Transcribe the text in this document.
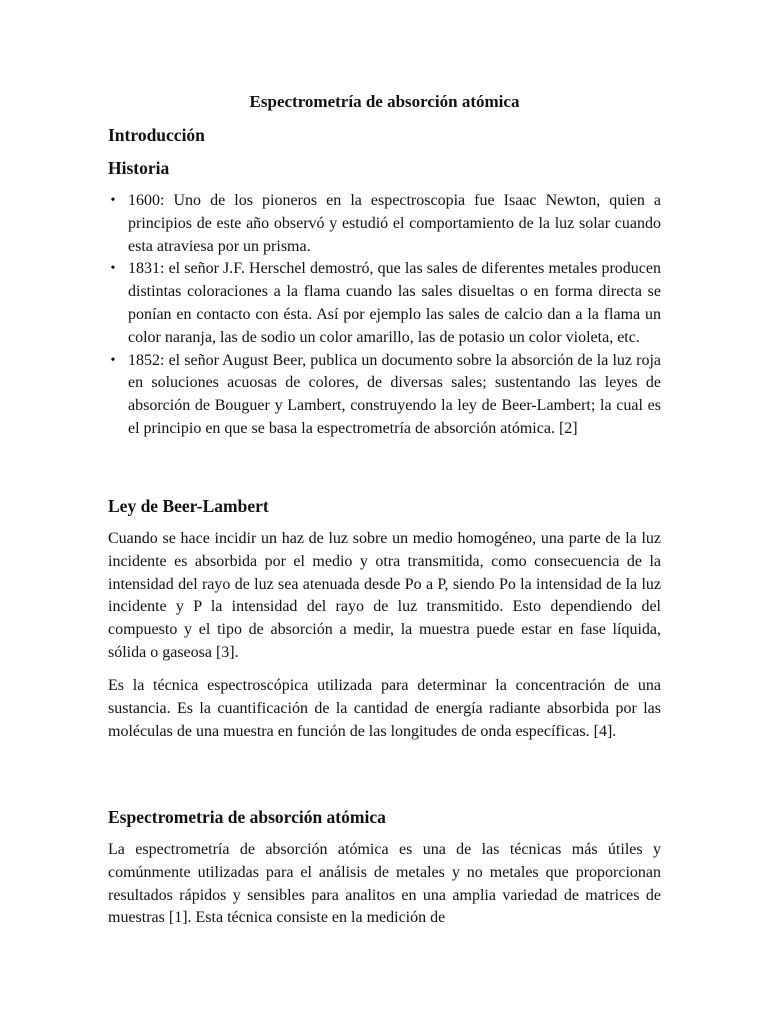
Espectrometría de absorción atómica
Introducción
Historia
• 1600: Uno de los pioneros en la espectroscopia fue Isaac Newton, quien a principios de este año observó y estudió el comportamiento de la luz solar cuando esta atraviesa por un prisma.
• 1831: el señor J.F. Herschel demostró, que las sales de diferentes metales producen distintas coloraciones a la flama cuando las sales disueltas o en forma directa se ponían en contacto con ésta. Así por ejemplo las sales de calcio dan a la flama un color naranja, las de sodio un color amarillo, las de potasio un color violeta, etc.
• 1852: el señor August Beer, publica un documento sobre la absorción de la luz roja en soluciones acuosas de colores, de diversas sales; sustentando las leyes de absorción de Bouguer y Lambert, construyendo la ley de Beer-Lambert; la cual es el principio en que se basa la espectrometría de absorción atómica. [2]
Ley de Beer-Lambert

Cuando se hace incidir un haz de luz sobre un medio homogéneo, una parte de la luz incidente es absorbida por el medio y otra transmitida, como consecuencia de la intensidad del rayo de luz sea atenuada desde Po a P, siendo Po la intensidad de la luz incidente y P la intensidad del rayo de luz transmitido. Esto dependiendo del compuesto y el tipo de absorción a medir, la muestra puede estar en fase líquida, sólida o gaseosa [3].

Es la técnica espectroscópica utilizada para determinar la concentración de una sustancia. Es la cuantificación de la cantidad de energía radiante absorbida por las moléculas de una muestra en función de las longitudes de onda específicas. [4].

Espectrometria de absorción atómica

La espectrometría de absorción atómica es una de las técnicas más útiles y comúnmente utilizadas para el análisis de metales y no metales que proporcionan resultados rápidos y sensibles para analitos en una amplia variedad de matrices de muestras [1]. Esta técnica consiste en la medición de
